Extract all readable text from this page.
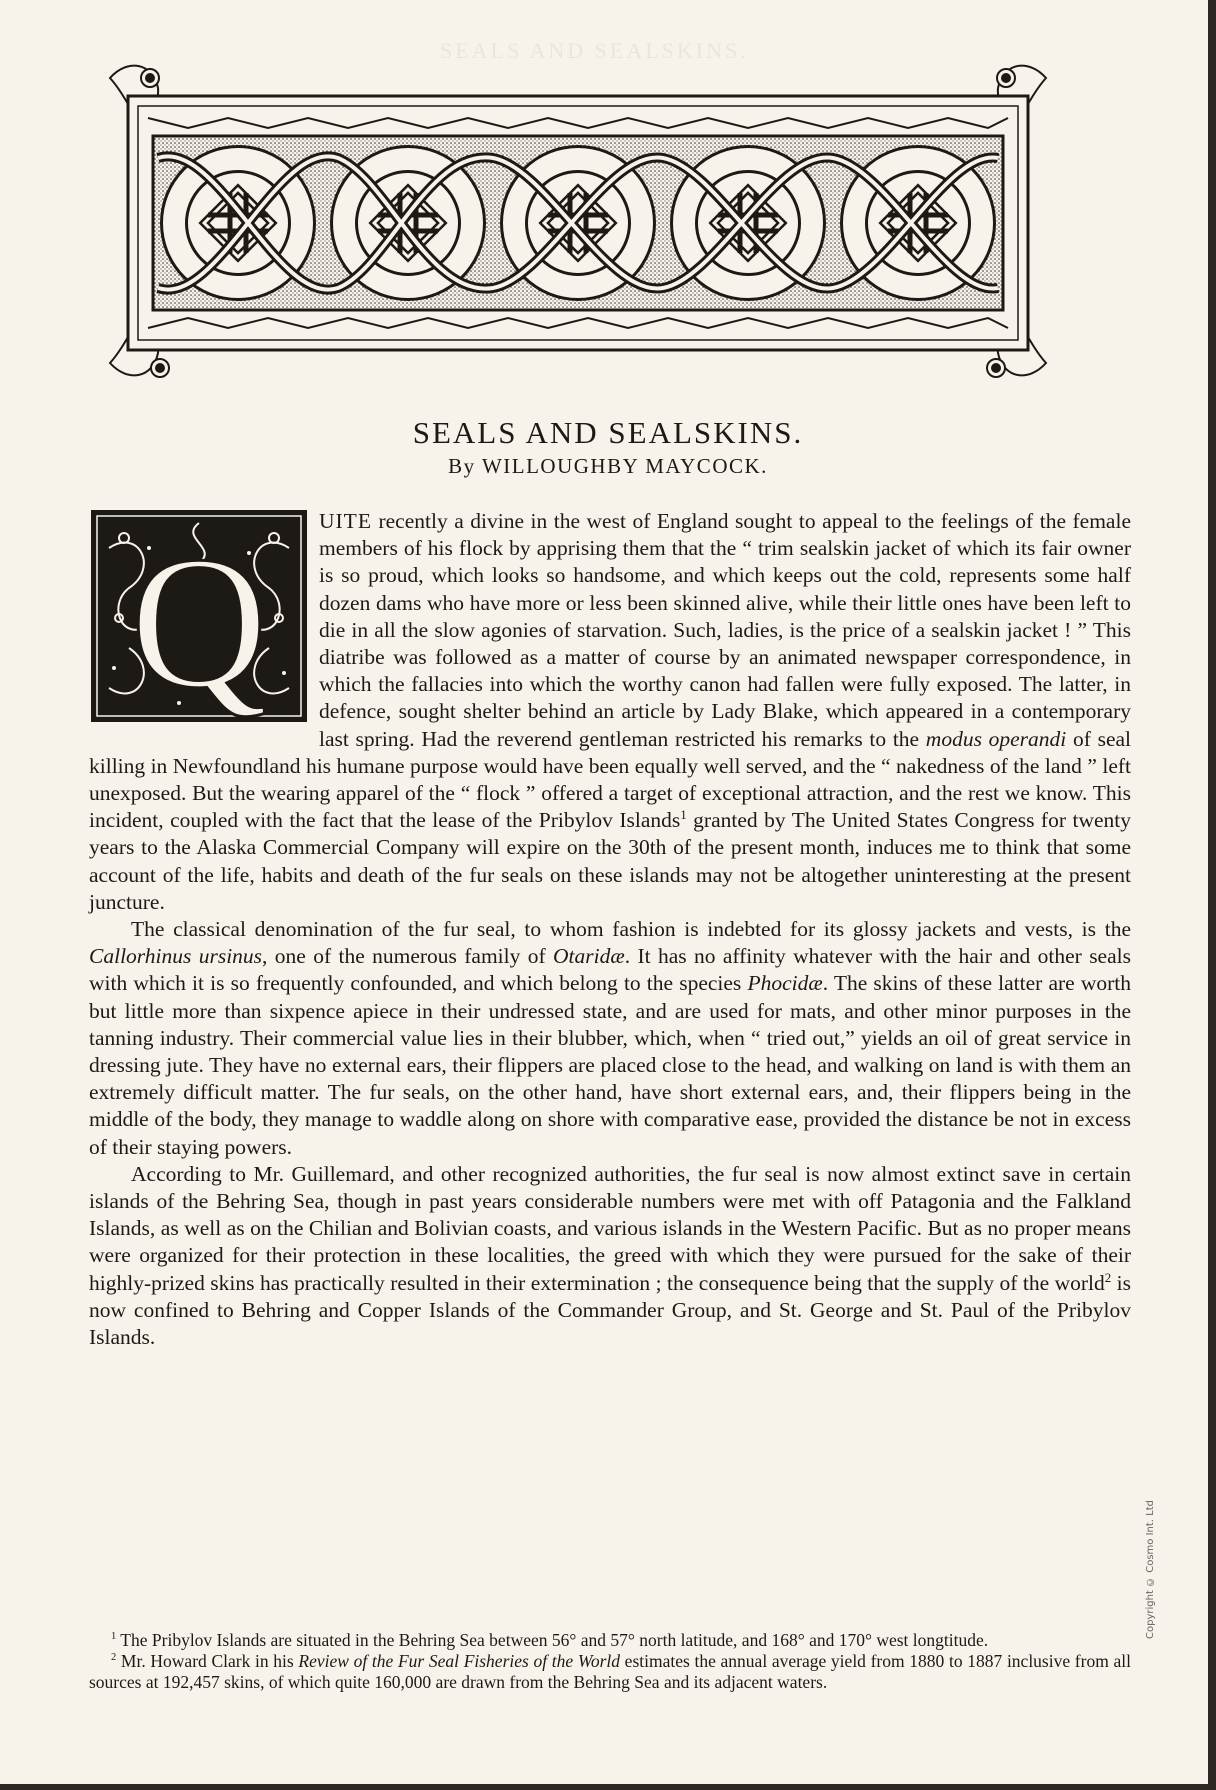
SEALS AND SEALSKINS.
SEALS AND SEALSKINS.
By WILLOUGHBY MAYCOCK.
Q	UITE recently a divine in the west of England sought to appeal to the feelings of the female members of his flock by apprising them that the “ trim sealskin jacket of which its fair owner is so proud, which looks so handsome, and which keeps out the cold, represents some half dozen dams who have more or less been skinned alive, while their little ones have been left to die in all the slow agonies of starvation. Such, ladies, is the price of a sealskin jacket ! ” This diatribe was followed as a matter of course by an animated newspaper correspondence, in which the fallacies into which the worthy canon had fallen were fully exposed. The latter, in defence, sought shelter behind an article by Lady Blake, which appeared in a contemporary last spring. Had the reverend gentleman restricted his remarks to the modus operandi of seal killing in Newfoundland his humane purpose would have been equally well served, and the “ nakedness of the land ” left unexposed. But the wearing apparel of the “ flock ” offered a target of exceptional attraction, and the rest we know. This incident, coupled with the fact that the lease of the Pribylov Islands$^1$ granted by The United States Congress for twenty years to the Alaska Commercial Company will expire on the 30th of the present month, induces me to think that some account of the life, habits and death of the fur seals on these islands may not be altogether uninteresting at the present juncture.

The classical denomination of the fur seal, to whom fashion is indebted for its glossy jackets and vests, is the Callorhinus ursinus, one of the numerous family of Otaridæ. It has no affinity whatever with the hair and other seals with which it is so frequently confounded, and which belong to the species Phocidæ. The skins of these latter are worth but little more than sixpence apiece in their undressed state, and are used for mats, and other minor purposes in the tanning industry. Their commercial value lies in their blubber, which, when “ tried out,” yields an oil of great service in dressing jute. They have no external ears, their flippers are placed close to the head, and walking on land is with them an extremely difficult matter. The fur seals, on the other hand, have short external ears, and, their flippers being in the middle of the body, they manage to waddle along on shore with comparative ease, provided the distance be not in excess of their staying powers.

According to Mr. Guillemard, and other recognized authorities, the fur seal is now almost extinct save in certain islands of the Behring Sea, though in past years considerable numbers were met with off Patagonia and the Falkland Islands, as well as on the Chilian and Bolivian coasts, and various islands in the Western Pacific. But as no proper means were organized for their protection in these localities, the greed with which they were pursued for the sake of their highly-prized skins has practically resulted in their extermination ; the consequence being that the supply of the world$^2$ is now confined to Behring and Copper Islands of the Commander Group, and St. George and St. Paul of the Pribylov Islands.

$^1$ The Pribylov Islands are situated in the Behring Sea between 56° and 57° north latitude, and 168° and 170° west longtitude.

$^2$ Mr. Howard Clark in his Review of the Fur Seal Fisheries of the World estimates the annual average yield from 1880 to 1887 inclusive from all sources at 192,457 skins, of which quite 160,000 are drawn from the Behring Sea and its adjacent waters.

Copyright © Cosmo Int. Ltd
